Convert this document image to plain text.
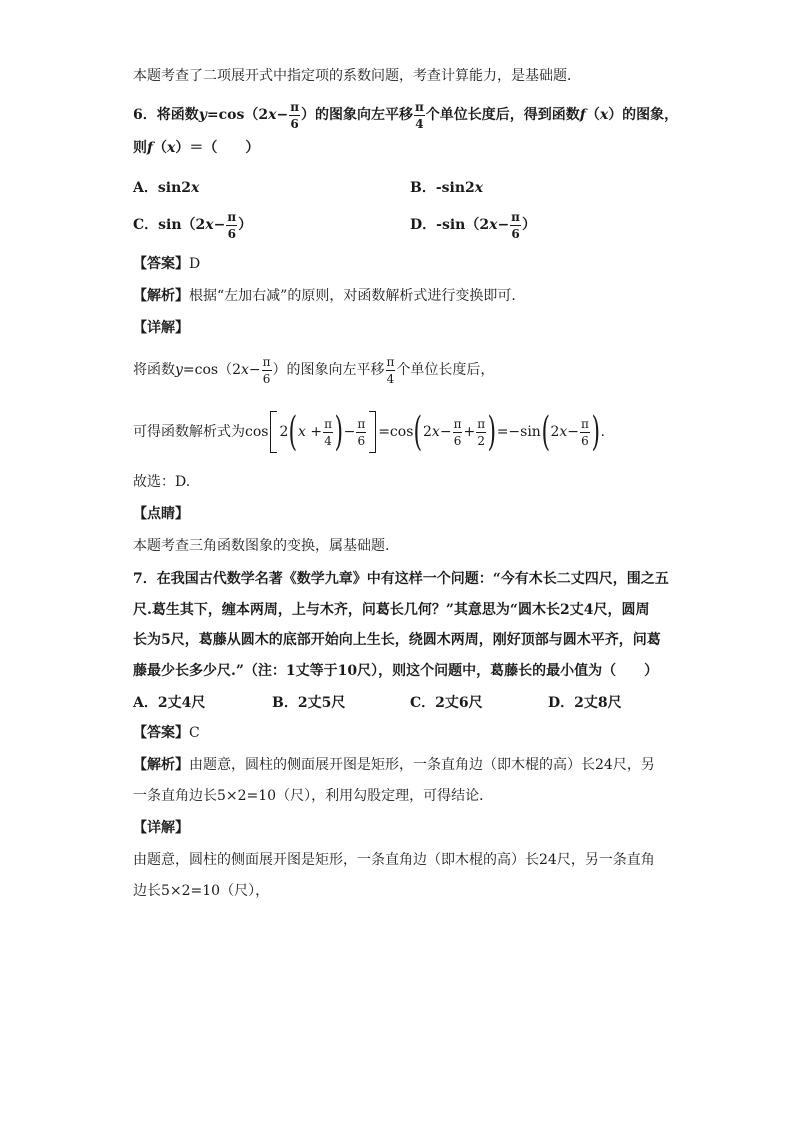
本题考查了二项展开式中指定项的系数问题，考查计算能力，是基础题．
6．将函数$y=\cos(2x- \frac{\pi}{6}$ ）的图象向左平移 $\frac{\pi}{4}$ 个单位长度后，得到函数f（x）的图象，
则f（x）＝（　　）
A．sin2x	B．-sin2x
C．$\sin(2x- \frac{\pi}{6}$ ）	D．$-\sin(2x- \frac{\pi}{6}$ ）
【答案】D
【解析】根据“左加右减”的原则，对函数解析式进行变换即可.
【详解】
将函数$y=\cos(2x- \frac{\pi}{6}$ ）的图象向左平移 $\frac{\pi}{4}$ 个单位长度后，
可得函数解析式为$\cos 2(x + \frac{\pi}{4}$ )− $\frac{\pi}{6} =\cos(2x- \frac{\pi}{6} + \frac{\pi}{2} )=-\sin(2x- \frac{\pi}{6}$ ).
故选：D.
【点睛】
本题考查三角函数图象的变换，属基础题.
7．在我国古代数学名著《数学九章》中有这样一个问题：“今有木长二丈四尺，围之五
尺.葛生其下，缠本两周，上与木齐，问葛长几何？”其意思为“圆木长2丈4尺，圆周
长为5尺，葛藤从圆木的底部开始向上生长，绕圆木两周，刚好顶部与圆木平齐，问葛
藤最少长多少尺.”（注：1丈等于10尺），则这个问题中，葛藤长的最小值为（　　）
A．2丈4尺	B．2丈5尺	C．2丈6尺	D．2丈8尺
【答案】C
【解析】由题意，圆柱的侧面展开图是矩形，一条直角边（即木棍的高）长24尺，另
一条直角边长5×2=10（尺），利用勾股定理，可得结论．
【详解】
由题意，圆柱的侧面展开图是矩形，一条直角边（即木棍的高）长24尺，另一条直角
边长5×2=10（尺），
